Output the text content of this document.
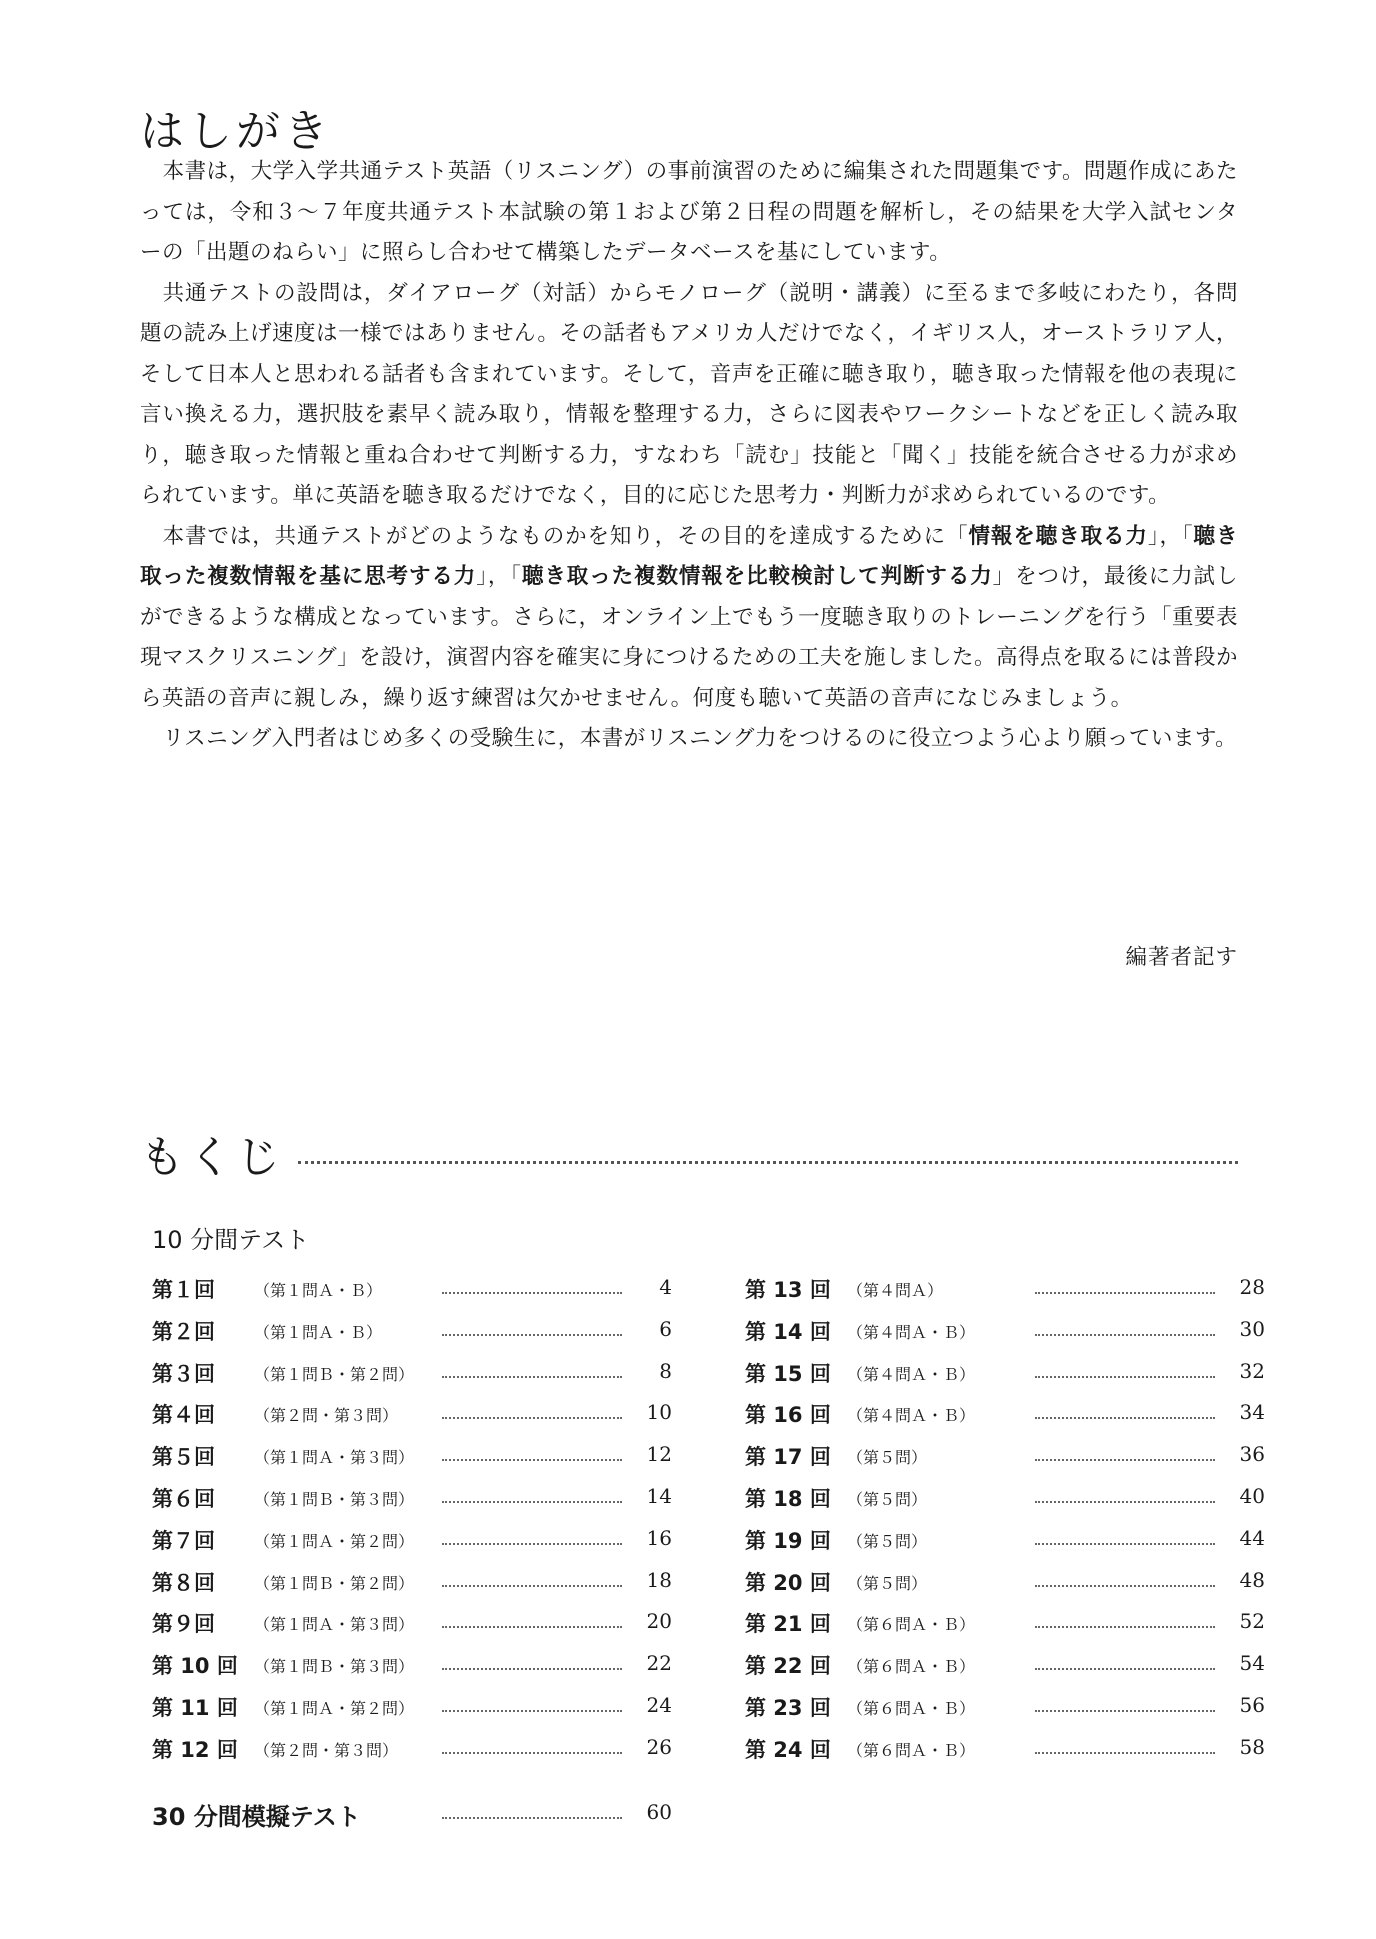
はしがき

本書は，大学入学共通テスト英語（リスニング）の事前演習のために編集された問題集です。問題作成にあたっては，令和３～７年度共通テスト本試験の第１および第２日程の問題を解析し，その結果を大学入試センターの「出題のねらい」に照らし合わせて構築したデータベースを基にしています。

共通テストの設問は，ダイアローグ（対話）からモノローグ（説明・講義）に至るまで多岐にわたり，各問題の読み上げ速度は一様ではありません。その話者もアメリカ人だけでなく，イギリス人，オーストラリア人，そして日本人と思われる話者も含まれています。そして，音声を正確に聴き取り，聴き取った情報を他の表現に言い換える力，選択肢を素早く読み取り，情報を整理する力，さらに図表やワークシートなどを正しく読み取り，聴き取った情報と重ね合わせて判断する力，すなわち「読む」技能と「聞く」技能を統合させる力が求められています。単に英語を聴き取るだけでなく，目的に応じた思考力・判断力が求められているのです。

本書では，共通テストがどのようなものかを知り，その目的を達成するために「情報を聴き取る力」，「聴き取った複数情報を基に思考する力」，「聴き取った複数情報を比較検討して判断する力」をつけ，最後に力試しができるような構成となっています。さらに，オンライン上でもう一度聴き取りのトレーニングを行う「重要表現マスクリスニング」を設け，演習内容を確実に身につけるための工夫を施しました。高得点を取るには普段から英語の音声に親しみ，繰り返す練習は欠かせません。何度も聴いて英語の音声になじみましょう。

リスニング入門者はじめ多くの受験生に，本書がリスニング力をつけるのに役立つよう心より願っています。

編著者記す
もくじ
10 分間テスト
第１回 （第１問Ａ・Ｂ）	4
第２回 （第１問Ａ・Ｂ）	6
第３回 （第１問Ｂ・第２問）	8
第４回 （第２問・第３問）	10
第５回 （第１問Ａ・第３問）	12
第６回 （第１問Ｂ・第３問）	14
第７回 （第１問Ａ・第２問）	16
第８回 （第１問Ｂ・第２問）	18
第９回 （第１問Ａ・第３問）	20
第 10 回 （第１問Ｂ・第３問）	22
第 11 回 （第１問Ａ・第２問）	24
第 12 回 （第２問・第３問）	26
第 13 回 （第４問Ａ）	28
第 14 回 （第４問Ａ・Ｂ）	30
第 15 回 （第４問Ａ・Ｂ）	32
第 16 回 （第４問Ａ・Ｂ）	34
第 17 回 （第５問）	36
第 18 回 （第５問）	40
第 19 回 （第５問）	44
第 20 回 （第５問）	48
第 21 回 （第６問Ａ・Ｂ）	52
第 22 回 （第６問Ａ・Ｂ）	54
第 23 回 （第６問Ａ・Ｂ）	56
第 24 回 （第６問Ａ・Ｂ）	58
30 分間模擬テスト	60
